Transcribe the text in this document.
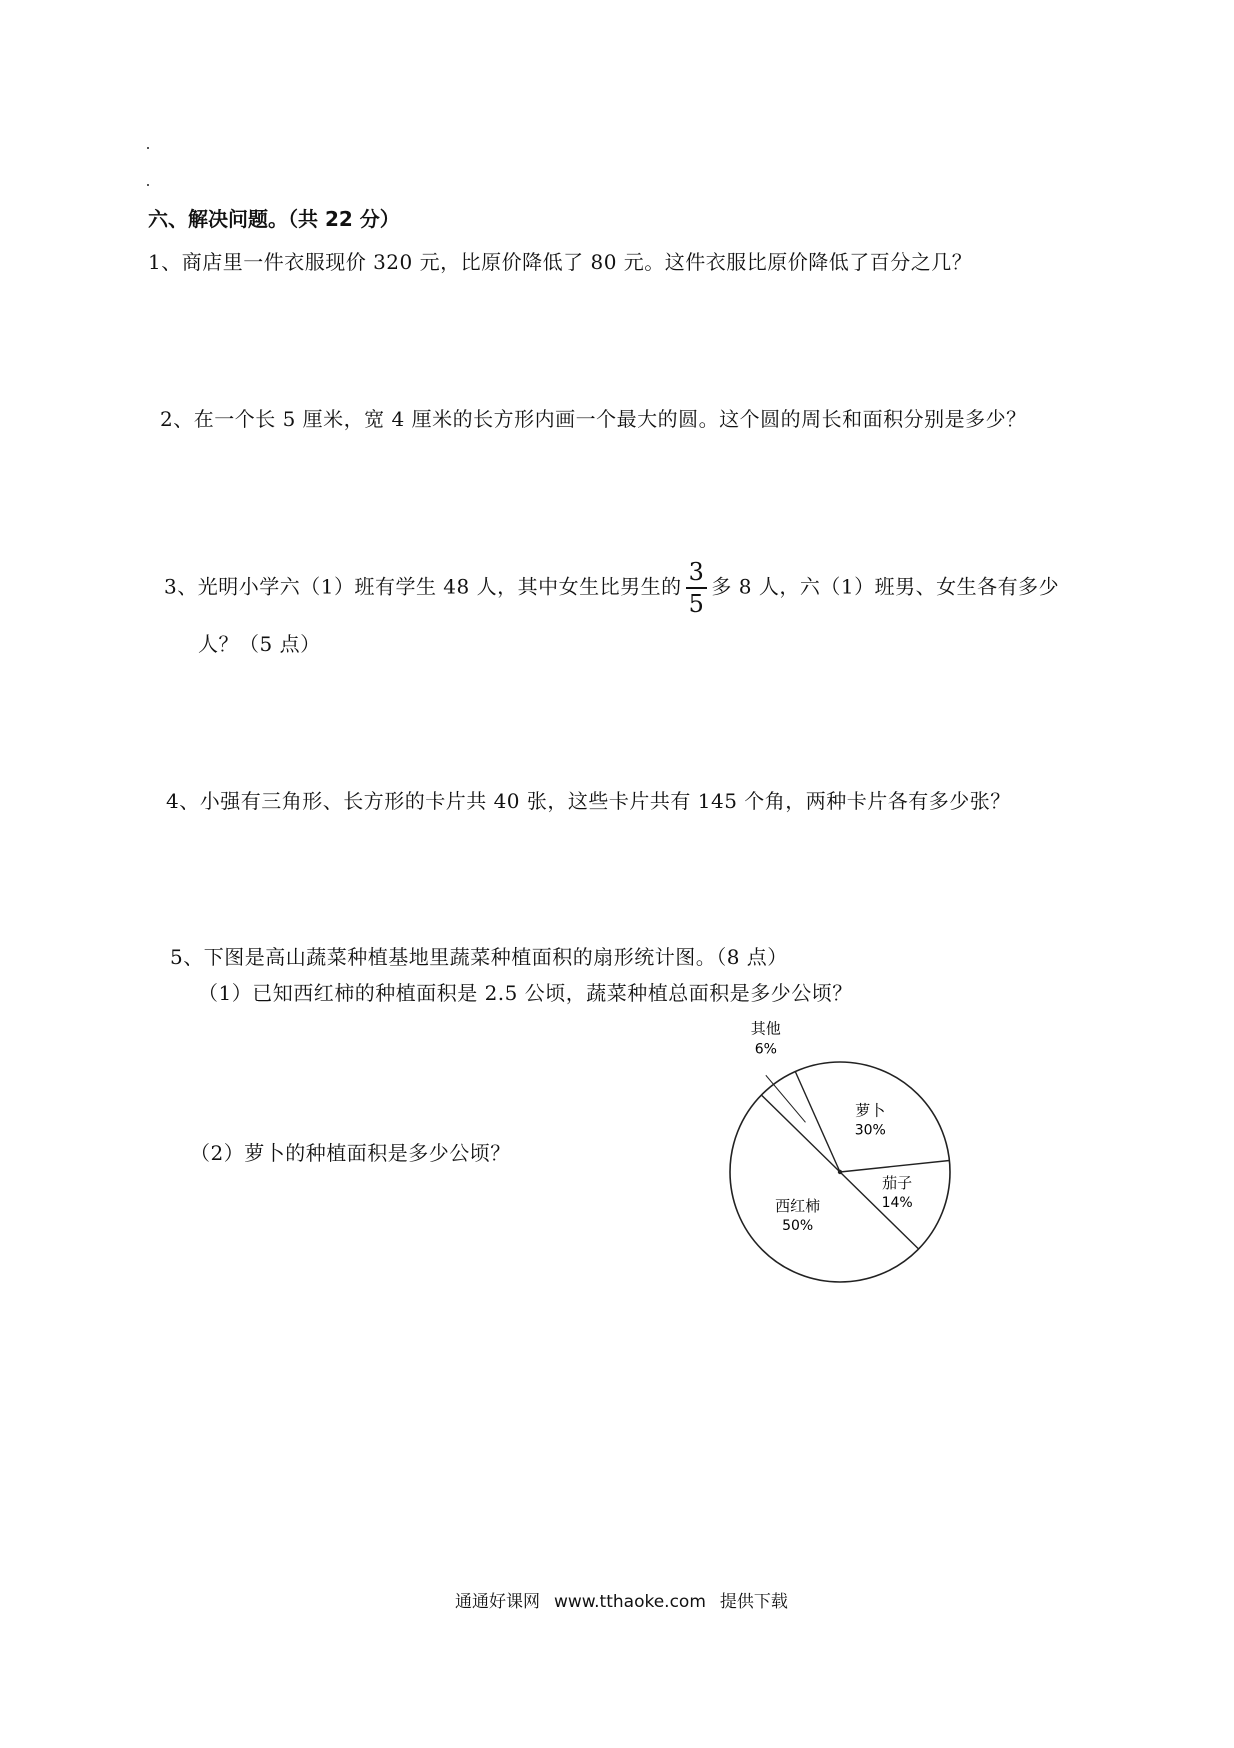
六、解决问题。（共 22 分）
1、商店里一件衣服现价 320 元，比原价降低了 80 元。这件衣服比原价降低了百分之几？
2、在一个长 5 厘米，宽 4 厘米的长方形内画一个最大的圆。这个圆的周长和面积分别是多少？
3、光明小学六（1）班有学生 48 人，其中女生比男生的 $\frac{3}{5}$ 多 8 人，六（1）班男、女生各有多少
人？（5 点）
4、小强有三角形、长方形的卡片共 40 张，这些卡片共有 145 个角，两种卡片各有多少张？
5、下图是高山蔬菜种植基地里蔬菜种植面积的扇形统计图。（8 点）
（1）已知西红柿的种植面积是 2.5 公顷，蔬菜种植总面积是多少公顷？
（2）萝卜的种植面积是多少公顷？
萝卜
30%
茄子
14%
西红柿
50%
其他
6%
通通好课网 www.tthaoke.com 提供下载
